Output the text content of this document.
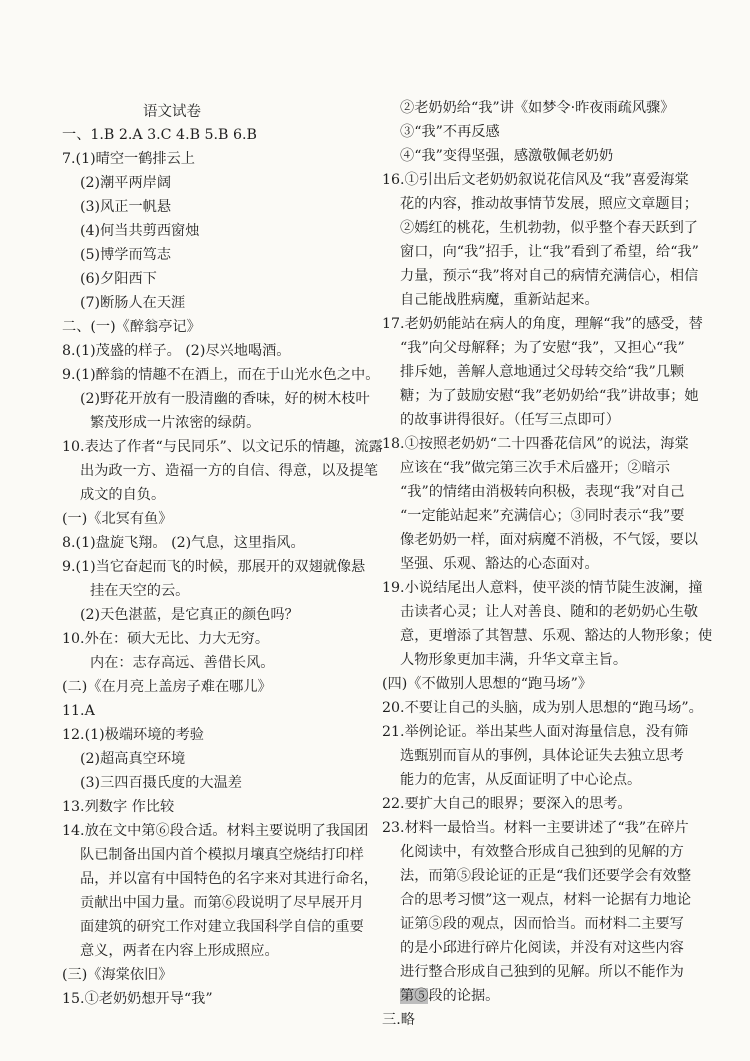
语文试卷
一、1.B 2.A 3.C 4.B 5.B 6.B
7.(1)晴空一鹤排云上
(2)潮平两岸阔
(3)风正一帆悬
(4)何当共剪西窗烛
(5)博学而笃志
(6)夕阳西下
(7)断肠人在天涯
二、(一)《醉翁亭记》
8.(1)茂盛的样子。 (2)尽兴地喝酒。
9.(1)醉翁的情趣不在酒上，而在于山光水色之中。
(2)野花开放有一股清幽的香味，好的树木枝叶
繁茂形成一片浓密的绿荫。
10.表达了作者“与民同乐”、以文记乐的情趣，流露
出为政一方、造福一方的自信、得意，以及提笔
成文的自负。
(一)《北冥有鱼》
8.(1)盘旋飞翔。 (2)气息，这里指风。
9.(1)当它奋起而飞的时候，那展开的双翅就像悬
挂在天空的云。
(2)天色湛蓝，是它真正的颜色吗？
10.外在：硕大无比、力大无穷。
内在：志存高远、善借长风。
(二)《在月亮上盖房子难在哪儿》
11.A
12.(1)极端环境的考验
(2)超高真空环境
(3)三四百摄氏度的大温差
13.列数字 作比较
14.放在文中第⑥段合适。材料主要说明了我国团
队已制备出国内首个模拟月壤真空烧结打印样
品，并以富有中国特色的名字来对其进行命名，
贡献出中国力量。而第⑥段说明了尽早展开月
面建筑的研究工作对建立我国科学自信的重要
意义，两者在内容上形成照应。
(三)《海棠依旧》
15.①老奶奶想开导“我”
②老奶奶给“我”讲《如梦令·昨夜雨疏风骤》
③“我”不再反感
④“我”变得坚强，感激敬佩老奶奶
16.①引出后文老奶奶叙说花信风及“我”喜爱海棠
花的内容，推动故事情节发展，照应文章题目；
②嫣红的桃花，生机勃勃，似乎整个春天跃到了
窗口，向“我”招手，让“我”看到了希望，给“我”
力量，预示“我”将对自己的病情充满信心，相信
自己能战胜病魔，重新站起来。
17.老奶奶能站在病人的角度，理解“我”的感受，替
“我”向父母解释；为了安慰“我”，又担心“我”
排斥她，善解人意地通过父母转交给“我”几颗
糖；为了鼓励安慰“我”老奶奶给“我”讲故事；她
的故事讲得很好。（任写三点即可）
18.①按照老奶奶“二十四番花信风”的说法，海棠
应该在“我”做完第三次手术后盛开；②暗示
“我”的情绪由消极转向积极，表现“我”对自己
“一定能站起来”充满信心；③同时表示“我”要
像老奶奶一样，面对病魔不消极，不气馁，要以
坚强、乐观、豁达的心态面对。
19.小说结尾出人意料，使平淡的情节陡生波澜，撞
击读者心灵；让人对善良、随和的老奶奶心生敬
意，更增添了其智慧、乐观、豁达的人物形象；使
人物形象更加丰满，升华文章主旨。
(四)《不做别人思想的“跑马场”》
20.不要让自己的头脑，成为别人思想的“跑马场”。
21.举例论证。举出某些人面对海量信息，没有筛
选甄别而盲从的事例，具体论证失去独立思考
能力的危害，从反面证明了中心论点。
22.要扩大自己的眼界；要深入的思考。
23.材料一最恰当。材料一主要讲述了“我”在碎片
化阅读中，有效整合形成自己独到的见解的方
法，而第⑤段论证的正是“我们还要学会有效整
合的思考习惯”这一观点，材料一论据有力地论
证第⑤段的观点，因而恰当。而材料二主要写
的是小邱进行碎片化阅读，并没有对这些内容
进行整合形成自己独到的见解。所以不能作为
第⑤段的论据。
三.略
